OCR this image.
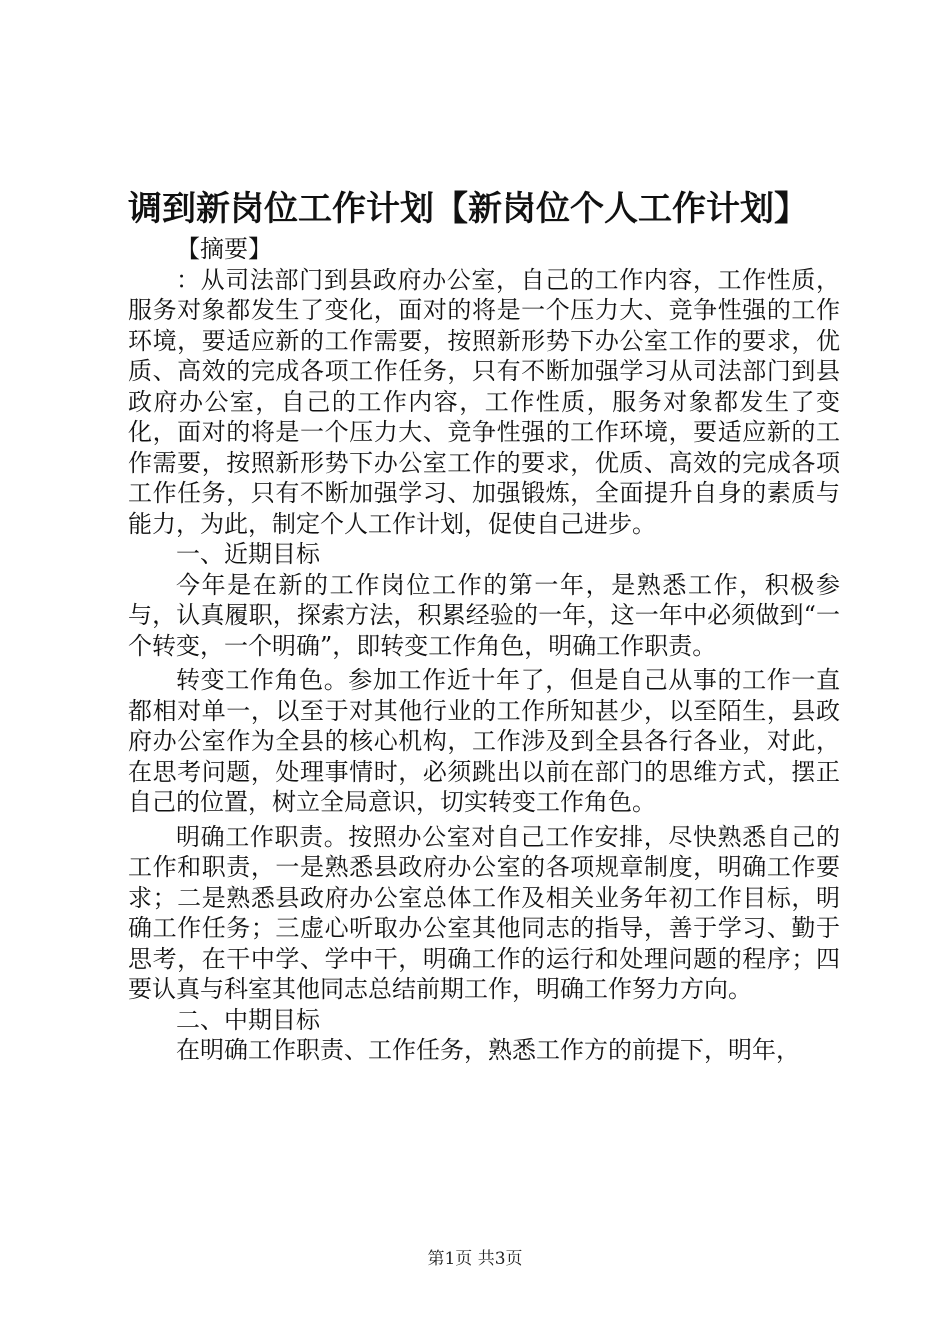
调到新岗位工作计划【新岗位个人工作计划】

【摘要】

：从司法部门到县政府办公室，自己的工作内容，工作性质，服务对象都发生了变化，面对的将是一个压力大、竞争性强的工作环境，要适应新的工作需要，按照新形势下办公室工作的要求，优质、高效的完成各项工作任务，只有不断加强学习从司法部门到县政府办公室，自己的工作内容，工作性质，服务对象都发生了变化，面对的将是一个压力大、竞争性强的工作环境，要适应新的工作需要，按照新形势下办公室工作的要求，优质、高效的完成各项工作任务，只有不断加强学习、加强锻炼，全面提升自身的素质与能力，为此，制定个人工作计划，促使自己进步。

一、近期目标

今年是在新的工作岗位工作的第一年，是熟悉工作，积极参与，认真履职，探索方法，积累经验的一年，这一年中必须做到“一个转变，一个明确”，即转变工作角色，明确工作职责。

转变工作角色。参加工作近十年了，但是自己从事的工作一直都相对单一，以至于对其他行业的工作所知甚少，以至陌生，县政府办公室作为全县的核心机构，工作涉及到全县各行各业，对此，在思考问题，处理事情时，必须跳出以前在部门的思维方式，摆正自己的位置，树立全局意识，切实转变工作角色。

明确工作职责。按照办公室对自己工作安排，尽快熟悉自己的工作和职责，一是熟悉县政府办公室的各项规章制度，明确工作要求；二是熟悉县政府办公室总体工作及相关业务年初工作目标，明确工作任务；三虚心听取办公室其他同志的指导，善于学习、勤于思考，在干中学、学中干，明确工作的运行和处理问题的程序；四要认真与科室其他同志总结前期工作，明确工作努力方向。

二、中期目标

在明确工作职责、工作任务，熟悉工作方的前提下，明年，

第1页 共3页
